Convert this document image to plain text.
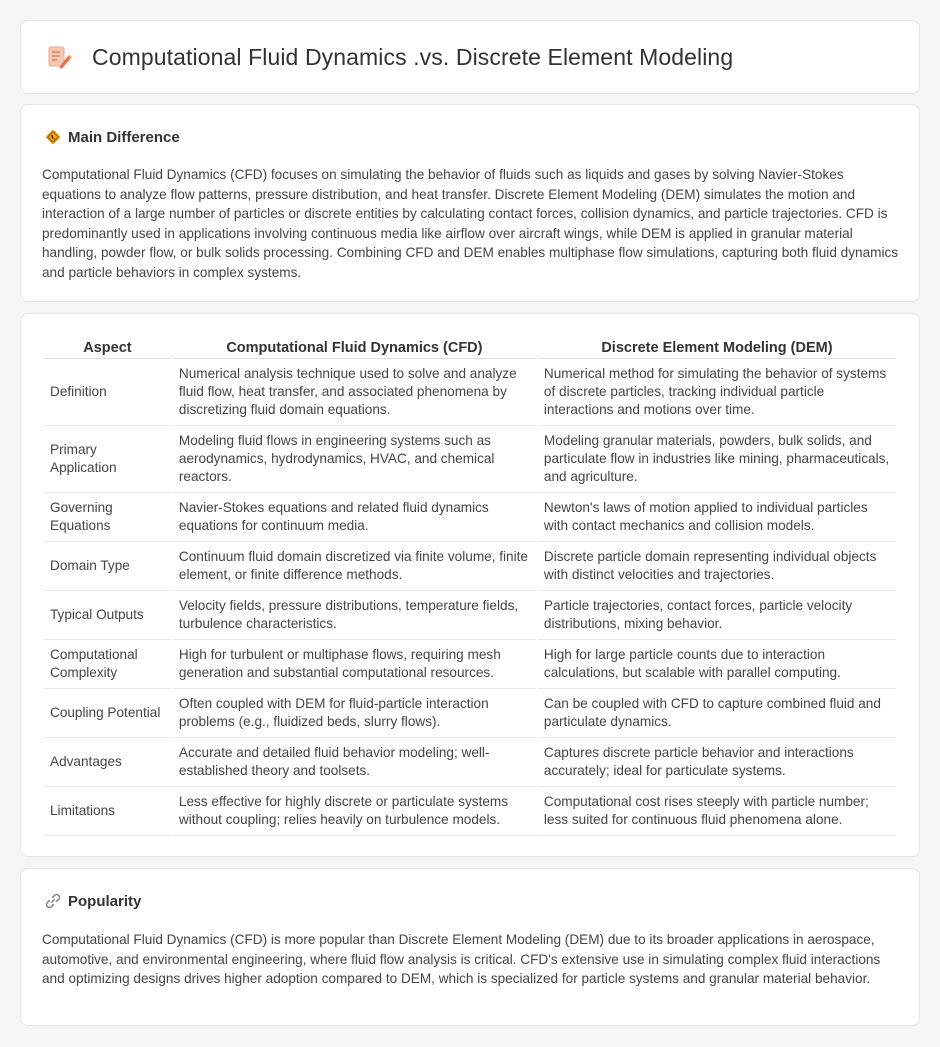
Computational Fluid Dynamics .vs. Discrete Element Modeling
Main Difference

Computational Fluid Dynamics (CFD) focuses on simulating the behavior of fluids such as liquids and gases by solving Navier-Stokes equations to analyze flow patterns, pressure distribution, and heat transfer. Discrete Element Modeling (DEM) simulates the motion and interaction of a large number of particles or discrete entities by calculating contact forces, collision dynamics, and particle trajectories. CFD is predominantly used in applications involving continuous media like airflow over aircraft wings, while DEM is applied in granular material handling, powder flow, or bulk solids processing. Combining CFD and DEM enables multiphase flow simulations, capturing both fluid dynamics and particle behaviors in complex systems.

Aspect	Computational Fluid Dynamics (CFD)	Discrete Element Modeling (DEM)
Definition	Numerical analysis technique used to solve and analyze fluid flow, heat transfer, and associated phenomena by discretizing fluid domain equations.	Numerical method for simulating the behavior of systems of discrete particles, tracking individual particle interactions and motions over time.
Primary Application	Modeling fluid flows in engineering systems such as aerodynamics, hydrodynamics, HVAC, and chemical reactors.	Modeling granular materials, powders, bulk solids, and particulate flow in industries like mining, pharmaceuticals, and agriculture.
Governing Equations	Navier-Stokes equations and related fluid dynamics equations for continuum media.	Newton's laws of motion applied to individual particles with contact mechanics and collision models.
Domain Type	Continuum fluid domain discretized via finite volume, finite element, or finite difference methods.	Discrete particle domain representing individual objects with distinct velocities and trajectories.
Typical Outputs	Velocity fields, pressure distributions, temperature fields, turbulence characteristics.	Particle trajectories, contact forces, particle velocity distributions, mixing behavior.
Computational Complexity	High for turbulent or multiphase flows, requiring mesh generation and substantial computational resources.	High for large particle counts due to interaction calculations, but scalable with parallel computing.
Coupling Potential	Often coupled with DEM for fluid-particle interaction problems (e.g., fluidized beds, slurry flows).	Can be coupled with CFD to capture combined fluid and particulate dynamics.
Advantages	Accurate and detailed fluid behavior modeling; well-established theory and toolsets.	Captures discrete particle behavior and interactions accurately; ideal for particulate systems.
Limitations	Less effective for highly discrete or particulate systems without coupling; relies heavily on turbulence models.	Computational cost rises steeply with particle number; less suited for continuous fluid phenomena alone.
Popularity

Computational Fluid Dynamics (CFD) is more popular than Discrete Element Modeling (DEM) due to its broader applications in aerospace, automotive, and environmental engineering, where fluid flow analysis is critical. CFD's extensive use in simulating complex fluid interactions and optimizing designs drives higher adoption compared to DEM, which is specialized for particle systems and granular material behavior.
